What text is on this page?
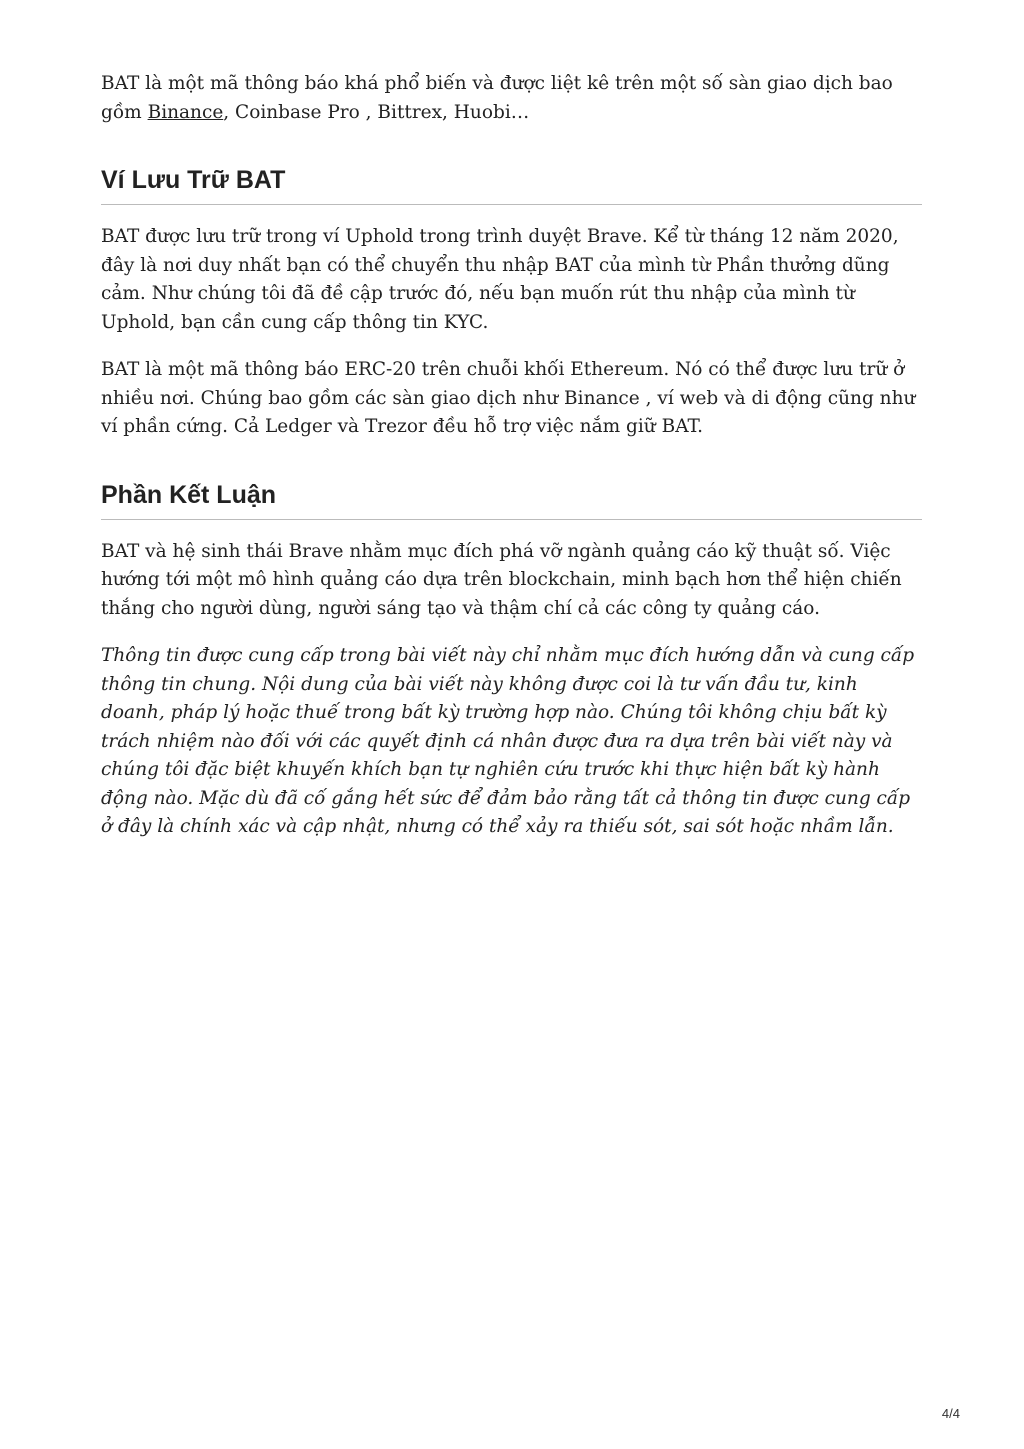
BAT là một mã thông báo khá phổ biến và được liệt kê trên một số sàn giao dịch bao gồm Binance, Coinbase Pro , Bittrex, Huobi…

Ví Lưu Trữ BAT

BAT được lưu trữ trong ví Uphold trong trình duyệt Brave. Kể từ tháng 12 năm 2020, đây là nơi duy nhất bạn có thể chuyển thu nhập BAT của mình từ Phần thưởng dũng cảm. Như chúng tôi đã đề cập trước đó, nếu bạn muốn rút thu nhập của mình từ Uphold, bạn cần cung cấp thông tin KYC.

BAT là một mã thông báo ERC-20 trên chuỗi khối Ethereum. Nó có thể được lưu trữ ở nhiều nơi. Chúng bao gồm các sàn giao dịch như Binance , ví web và di động cũng như ví phần cứng. Cả Ledger và Trezor đều hỗ trợ việc nắm giữ BAT.

Phần Kết Luận

BAT và hệ sinh thái Brave nhằm mục đích phá vỡ ngành quảng cáo kỹ thuật số. Việc hướng tới một mô hình quảng cáo dựa trên blockchain, minh bạch hơn thể hiện chiến thắng cho người dùng, người sáng tạo và thậm chí cả các công ty quảng cáo.

Thông tin được cung cấp trong bài viết này chỉ nhằm mục đích hướng dẫn và cung cấp thông tin chung. Nội dung của bài viết này không được coi là tư vấn đầu tư, kinh doanh, pháp lý hoặc thuế trong bất kỳ trường hợp nào. Chúng tôi không chịu bất kỳ trách nhiệm nào đối với các quyết định cá nhân được đưa ra dựa trên bài viết này và chúng tôi đặc biệt khuyến khích bạn tự nghiên cứu trước khi thực hiện bất kỳ hành động nào. Mặc dù đã cố gắng hết sức để đảm bảo rằng tất cả thông tin được cung cấp ở đây là chính xác và cập nhật, nhưng có thể xảy ra thiếu sót, sai sót hoặc nhầm lẫn.

4/4
